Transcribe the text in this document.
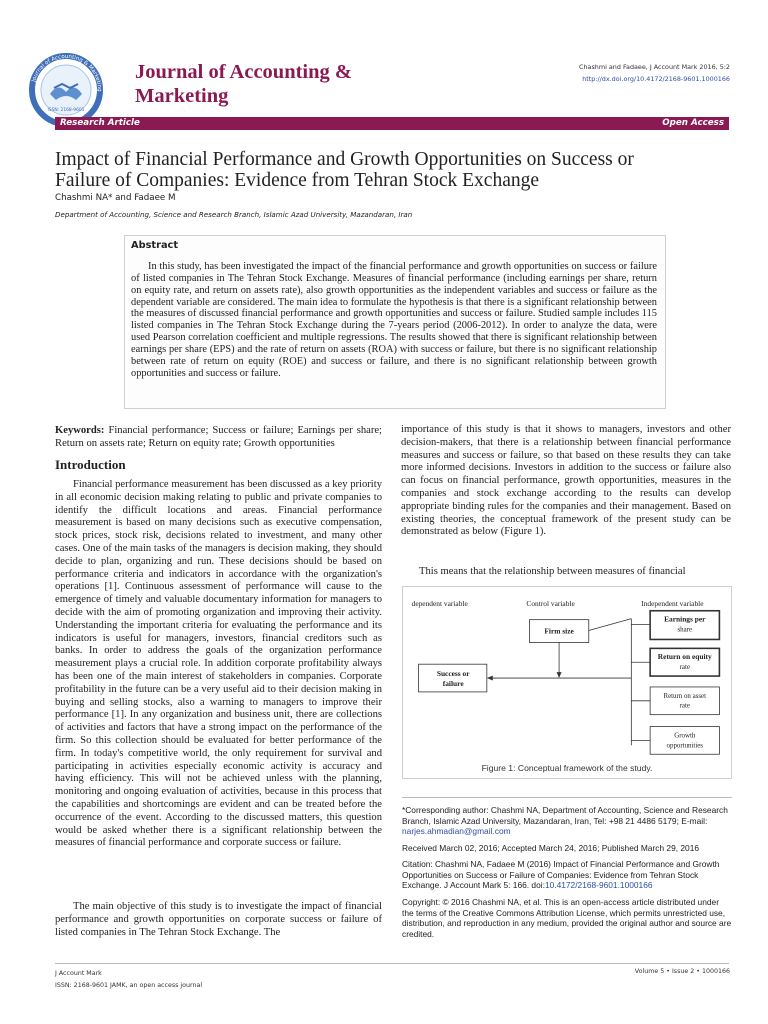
Journal of Accounting & Marketing
ISSN: 2168-9601
Journal of Accounting &
Marketing
Chashmi and Fadaee, J Account Mark 2016, 5:2
http://dx.doi.org/10.4172/2168-9601.1000166
Research Article	Open Access
Impact of Financial Performance and Growth Opportunities on Success or
Failure of Companies: Evidence from Tehran Stock Exchange
Chashmi NA* and Fadaee M
Department of Accounting, Science and Research Branch, Islamic Azad University, Mazandaran, Iran
Abstract
In this study, has been investigated the impact of the financial performance and growth opportunities on success or failure of listed companies in The Tehran Stock Exchange. Measures of financial performance (including earnings per share, return on equity rate, and return on assets rate), also growth opportunities as the independent variables and success or failure as the dependent variable are considered. The main idea to formulate the hypothesis is that there is a significant relationship between the measures of discussed financial performance and growth opportunities and success or failure. Studied sample includes 115 listed companies in The Tehran Stock Exchange during the 7-years period (2006-2012). In order to analyze the data, were used Pearson correlation coefficient and multiple regressions. The results showed that there is significant relationship between earnings per share (EPS) and the rate of return on assets (ROA) with success or failure, but there is no significant relationship between rate of return on equity (ROE) and success or failure, and there is no significant relationship between growth opportunities and success or failure.
Keywords: Financial performance; Success or failure; Earnings per share; Return on assets rate; Return on equity rate; Growth opportunities
Introduction

Financial performance measurement has been discussed as a key priority in all economic decision making relating to public and private companies to identify the difficult locations and areas. Financial performance measurement is based on many decisions such as executive compensation, stock prices, stock risk, decisions related to investment, and many other cases. One of the main tasks of the managers is decision making, they should decide to plan, organizing and run. These decisions should be based on performance criteria and indicators in accordance with the organization's operations [1]. Continuous assessment of performance will cause to the emergence of timely and valuable documentary information for managers to decide with the aim of promoting organization and improving their activity. Understanding the important criteria for evaluating the performance and its indicators is useful for managers, investors, financial creditors such as banks. In order to address the goals of the organization performance measurement plays a crucial role. In addition corporate profitability always has been one of the main interest of stakeholders in companies. Corporate profitability in the future can be a very useful aid to their decision making in buying and selling stocks, also a warning to managers to improve their performance [1]. In any organization and business unit, there are collections of activities and factors that have a strong impact on the performance of the firm. So this collection should be evaluated for better performance of the firm. In today's competitive world, the only requirement for survival and participating in activities especially economic activity is accuracy and having efficiency. This will not be achieved unless with the planning, monitoring and ongoing evaluation of activities, because in this process that the capabilities and shortcomings are evident and can be treated before the occurrence of the event. According to the discussed matters, this question would be asked whether there is a significant relationship between the measures of financial performance and corporate success or failure.

The main objective of this study is to investigate the impact of financial performance and growth opportunities on corporate success or failure of listed companies in The Tehran Stock Exchange. The

importance of this study is that it shows to managers, investors and other decision-makers, that there is a relationship between financial performance measures and success or failure, so that based on these results they can take more informed decisions. Investors in addition to the success or failure also can focus on financial performance, growth opportunities, measures in the companies and stock exchange according to the results can develop appropriate binding rules for the companies and their management. Based on existing theories, the conceptual framework of the present study can be demonstrated as below (Figure 1).

This means that the relationship between measures of financial

dependent variable	Control variable	Independent variable
Firm size
Success or
failure
Earnings per
share
Return on equity
rate
Return on asset
rate
Growth
opportunities
Figure 1: Conceptual framework of the study.
*Corresponding author: Chashmi NA, Department of Accounting, Science and Research Branch, Islamic Azad University, Mazandaran, Iran, Tel: +98 21 4486 5179; E-mail: narjes.ahmadian@gmail.com
Received March 02, 2016; Accepted March 24, 2016; Published March 29, 2016
Citation: Chashmi NA, Fadaee M (2016) Impact of Financial Performance and Growth Opportunities on Success or Failure of Companies: Evidence from Tehran Stock Exchange. J Account Mark 5: 166. doi:10.4172/2168-9601.1000166
Copyright: © 2016 Chashmi NA, et al. This is an open-access article distributed under the terms of the Creative Commons Attribution License, which permits unrestricted use, distribution, and reproduction in any medium, provided the original author and source are credited.
J Account Mark
ISSN: 2168-9601 JAMK, an open access journal
Volume 5 • Issue 2 • 1000166
